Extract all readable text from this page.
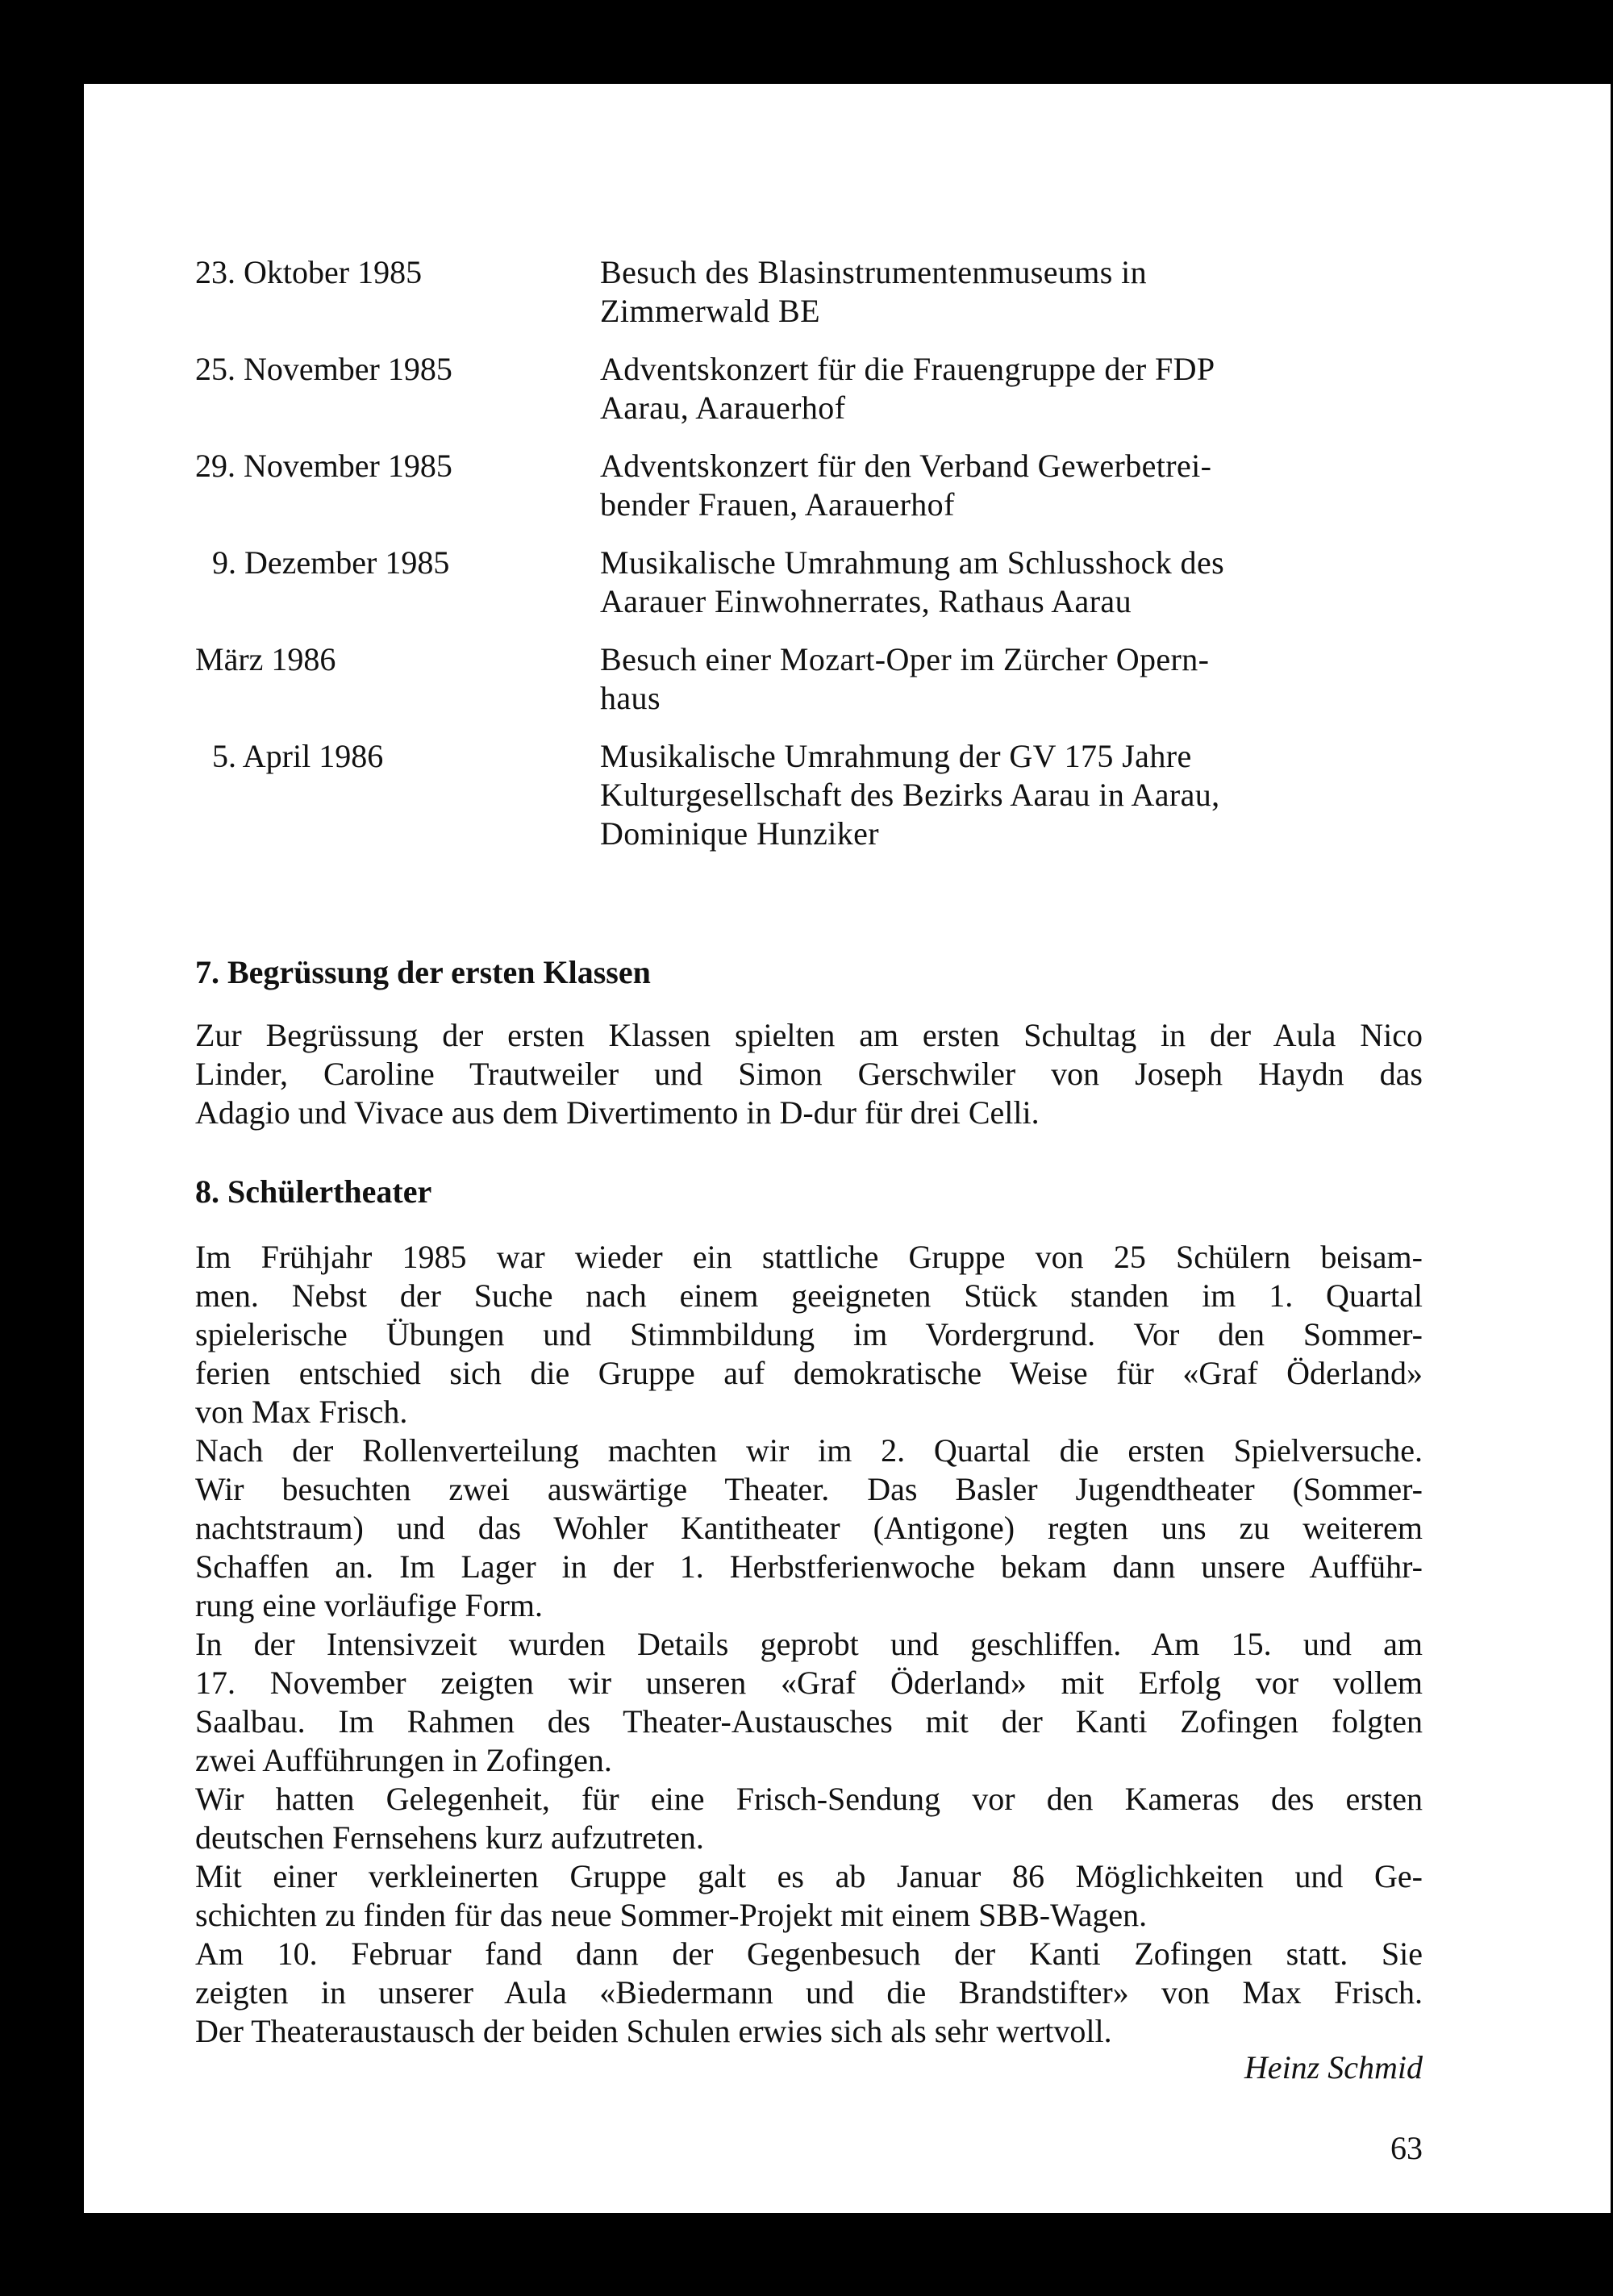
23. Oktober 1985	Besuch des Blasinstrumentenmuseums in
Zimmerwald BE
25. November 1985	Adventskonzert für die Frauengruppe der FDP
Aarau, Aarauerhof
29. November 1985	Adventskonzert für den Verband Gewerbetrei-
bender Frauen, Aarauerhof
9. Dezember 1985	Musikalische Umrahmung am Schlusshock des
Aarauer Einwohnerrates, Rathaus Aarau
März 1986	Besuch einer Mozart-Oper im Zürcher Opern-
haus
5. April 1986	Musikalische Umrahmung der GV 175 Jahre
Kulturgesellschaft des Bezirks Aarau in Aarau,
Dominique Hunziker
7. Begrüssung der ersten Klassen
Zur Begrüssung der ersten Klassen spielten am ersten Schultag in der Aula Nico
Linder, Caroline Trautweiler und Simon Gerschwiler von Joseph Haydn das
Adagio und Vivace aus dem Divertimento in D-dur für drei Celli.
8. Schülertheater
Im Frühjahr 1985 war wieder ein stattliche Gruppe von 25 Schülern beisam-
men. Nebst der Suche nach einem geeigneten Stück standen im 1. Quartal
spielerische Übungen und Stimmbildung im Vordergrund. Vor den Sommer-
ferien entschied sich die Gruppe auf demokratische Weise für «Graf Öderland»
von Max Frisch.
Nach der Rollenverteilung machten wir im 2. Quartal die ersten Spielversuche.
Wir besuchten zwei auswärtige Theater. Das Basler Jugendtheater (Sommer-
nachtstraum) und das Wohler Kantitheater (Antigone) regten uns zu weiterem
Schaffen an. Im Lager in der 1. Herbstferienwoche bekam dann unsere Aufführ-
rung eine vorläufige Form.
In der Intensivzeit wurden Details geprobt und geschliffen. Am 15. und am
17. November zeigten wir unseren «Graf Öderland» mit Erfolg vor vollem
Saalbau. Im Rahmen des Theater-Austausches mit der Kanti Zofingen folgten
zwei Aufführungen in Zofingen.
Wir hatten Gelegenheit, für eine Frisch-Sendung vor den Kameras des ersten
deutschen Fernsehens kurz aufzutreten.
Mit einer verkleinerten Gruppe galt es ab Januar 86 Möglichkeiten und Ge-
schichten zu finden für das neue Sommer-Projekt mit einem SBB-Wagen.
Am 10. Februar fand dann der Gegenbesuch der Kanti Zofingen statt. Sie
zeigten in unserer Aula «Biedermann und die Brandstifter» von Max Frisch.
Der Theateraustausch der beiden Schulen erwies sich als sehr wertvoll.
Heinz Schmid
63
